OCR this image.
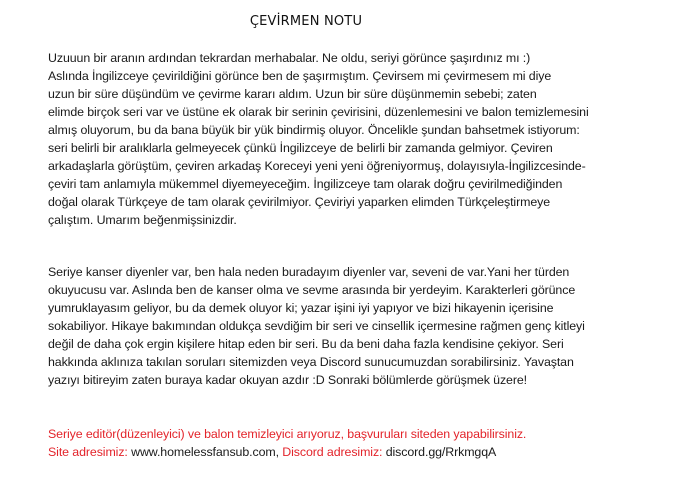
ÇEVİRMEN NOTU

Uzuuun bir aranın ardından tekrardan merhabalar. Ne oldu, seriyi görünce şaşırdınız mı :)
Aslında İngilizceye çevirildiğini görünce ben de şaşırmıştım. Çevirsem mi çevirmesem mi diye
uzun bir süre düşündüm ve çevirme kararı aldım. Uzun bir süre düşünmemin sebebi; zaten
elimde birçok seri var ve üstüne ek olarak bir serinin çevirisini, düzenlemesini ve balon temizlemesini
almış oluyorum, bu da bana büyük bir yük bindirmiş oluyor. Öncelikle şundan bahsetmek istiyorum:
seri belirli bir aralıklarla gelmeyecek çünkü İngilizceye de belirli bir zamanda gelmiyor. Çeviren
arkadaşlarla görüştüm, çeviren arkadaş Koreceyi yeni yeni öğreniyormuş, dolayısıyla-İngilizcesinde-
çeviri tam anlamıyla mükemmel diyemeyeceğim. İngilizceye tam olarak doğru çevirilmediğinden
doğal olarak Türkçeye de tam olarak çevirilmiyor. Çeviriyi yaparken elimden Türkçeleştirmeye
çalıştım. Umarım beğenmişsinizdir.

Seriye kanser diyenler var, ben hala neden buradayım diyenler var, seveni de var.Yani her türden
okuyucusu var. Aslında ben de kanser olma ve sevme arasında bir yerdeyim. Karakterleri görünce
yumruklayasım geliyor, bu da demek oluyor ki; yazar işini iyi yapıyor ve bizi hikayenin içerisine
sokabiliyor. Hikaye bakımından oldukça sevdiğim bir seri ve cinsellik içermesine rağmen genç kitleyi
değil de daha çok ergin kişilere hitap eden bir seri. Bu da beni daha fazla kendisine çekiyor. Seri
hakkında aklınıza takılan soruları sitemizden veya Discord sunucumuzdan sorabilirsiniz. Yavaştan
yazıyı bitireyim zaten buraya kadar okuyan azdır :D Sonraki bölümlerde görüşmek üzere!

Seriye editör(düzenleyici) ve balon temizleyici arıyoruz, başvuruları siteden yapabilirsiniz.
Site adresimiz: www.homelessfansub.com, Discord adresimiz: discord.gg/RrkmgqA
